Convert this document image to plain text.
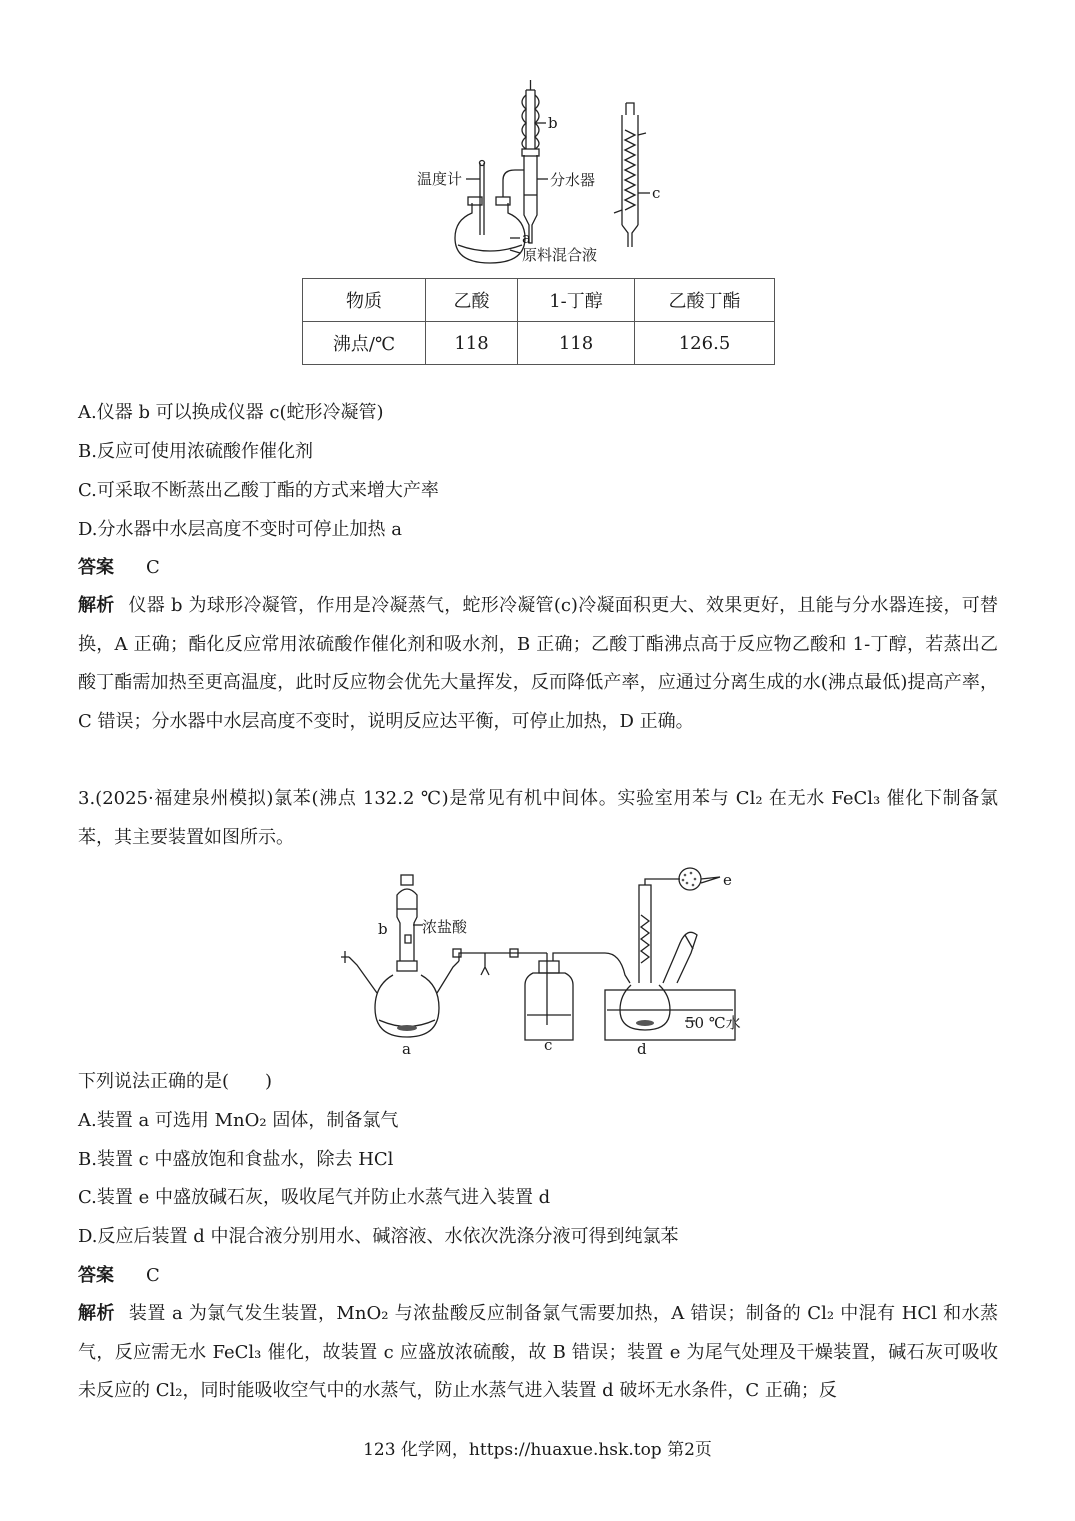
b
温度计	分水器
c
a
原料混合液
物质	乙酸	1-丁醇	乙酸丁酯
沸点/℃	118	118	126.5
A.仪器 b 可以换成仪器 c(蛇形冷凝管)
B.反应可使用浓硫酸作催化剂
C.可采取不断蒸出乙酸丁酯的方式来增大产率
D.分水器中水层高度不变时可停止加热 a
答案 C
解析 仪器 b 为球形冷凝管，作用是冷凝蒸气，蛇形冷凝管(c)冷凝面积更大、效果更好，且能与分水器连接，可替换，A 正确；酯化反应常用浓硫酸作催化剂和吸水剂，B 正确；乙酸丁酯沸点高于反应物乙酸和 1-丁醇，若蒸出乙酸丁酯需加热至更高温度，此时反应物会优先大量挥发，反而降低产率，应通过分离生成的水(沸点最低)提高产率，C 错误；分水器中水层高度不变时，说明反应达平衡，可停止加热，D 正确。
3.(2025·福建泉州模拟)氯苯(沸点 132.2 ℃)是常见有机中间体。实验室用苯与 Cl₂ 在无水 FeCl₃ 催化下制备氯苯，其主要装置如图所示。
浓盐酸
b
a	c	d
e
50 ℃水
下列说法正确的是(　　)
A.装置 a 可选用 MnO₂ 固体，制备氯气
B.装置 c 中盛放饱和食盐水，除去 HCl
C.装置 e 中盛放碱石灰，吸收尾气并防止水蒸气进入装置 d
D.反应后装置 d 中混合液分别用水、碱溶液、水依次洗涤分液可得到纯氯苯
答案 C
解析 装置 a 为氯气发生装置，MnO₂ 与浓盐酸反应制备氯气需要加热，A 错误；制备的 Cl₂ 中混有 HCl 和水蒸气，反应需无水 FeCl₃ 催化，故装置 c 应盛放浓硫酸，故 B 错误；装置 e 为尾气处理及干燥装置，碱石灰可吸收未反应的 Cl₂，同时能吸收空气中的水蒸气，防止水蒸气进入装置 d 破坏无水条件，C 正确；反
123 化学网，https://huaxue.hsk.top 第2页
